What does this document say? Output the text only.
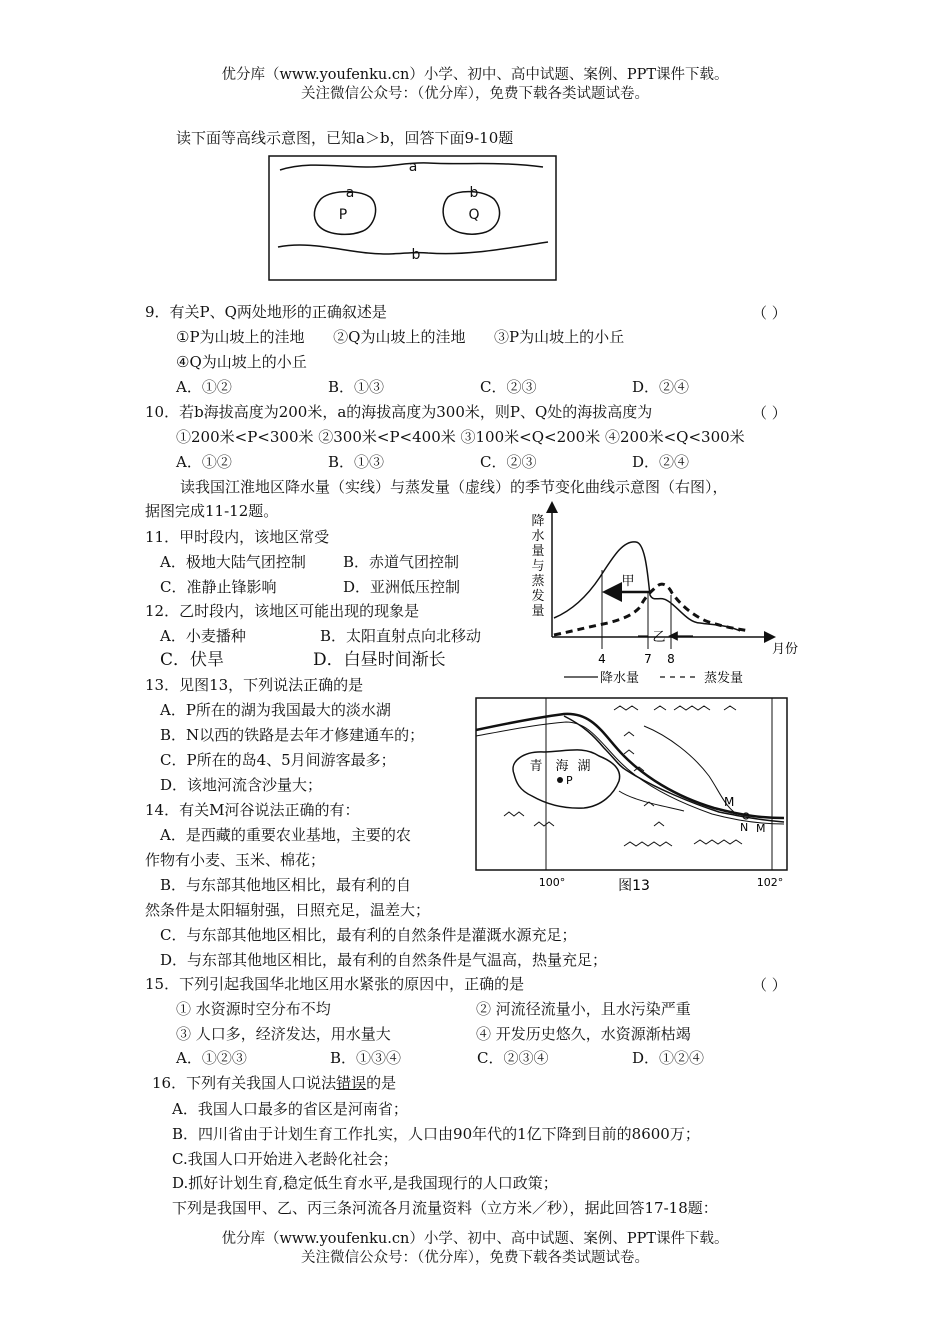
优分库（www.youfenku.cn）小学、初中、高中试题、案例、PPT课件下载。
关注微信公众号：（优分库），免费下载各类试题试卷。
读下面等高线示意图，已知a＞b，回答下面9-10题
a
b
a
P
b
Q
9．有关P、Q两处地形的正确叙述是	（ ）
①P为山坡上的洼地      ②Q为山坡上的洼地      ③P为山坡上的小丘
④Q为山坡上的小丘
A．①②	B．①③	C．②③	D．②④
10．若b海拔高度为200米，a的海拔高度为300米，则P、Q处的海拔高度为	（ ）
①200米<P<300米 ②300米<P<400米 ③100米<Q<200米 ④200米<Q<300米
A．①②	B．①③	C．②③	D．②④
读我国江淮地区降水量（实线）与蒸发量（虚线）的季节变化曲线示意图（右图），
据图完成11-12题。
11．甲时段内，该地区常受
A．极地大陆气团控制 B．赤道气团控制
C．准静止锋影响	D．亚洲低压控制
12．乙时段内，该地区可能出现的现象是
A．小麦播种	B．太阳直射点向北移动
C．伏旱	D．白昼时间渐长
降
水
量
与
蒸
发
量
月份
4	7 8
甲
乙
降水量	蒸发量
13．见图13，下列说法正确的是
A．P所在的湖为我国最大的淡水湖
B．N以西的铁路是去年才修建通车的；
C．P所在的岛4、5月间游客最多；
D．该地河流含沙量大；
青 海 湖
P
M
N M
100°	图13	102°
14．有关M河谷说法正确的有：
A．是西藏的重要农业基地，主要的农
作物有小麦、玉米、棉花；
B．与东部其他地区相比，最有利的自
然条件是太阳辐射强，日照充足，温差大；
C．与东部其他地区相比，最有利的自然条件是灌溉水源充足；
D．与东部其他地区相比，最有利的自然条件是气温高，热量充足；
15．下列引起我国华北地区用水紧张的原因中，正确的是	（ ）
① 水资源时空分布不均	② 河流径流量小，且水污染严重
③ 人口多，经济发达，用水量大	④ 开发历史悠久，水资源渐枯竭
A．①②③	B．①③④	C．②③④	D．①②④
16．下列有关我国人口说法错误的是
A．我国人口最多的省区是河南省；
B．四川省由于计划生育工作扎实，人口由90年代的1亿下降到目前的8600万；
C.我国人口开始进入老龄化社会；
D.抓好计划生育,稳定低生育水平,是我国现行的人口政策；
下列是我国甲、乙、丙三条河流各月流量资料（立方米／秒），据此回答17-18题：
优分库（www.youfenku.cn）小学、初中、高中试题、案例、PPT课件下载。
关注微信公众号：（优分库），免费下载各类试题试卷。
